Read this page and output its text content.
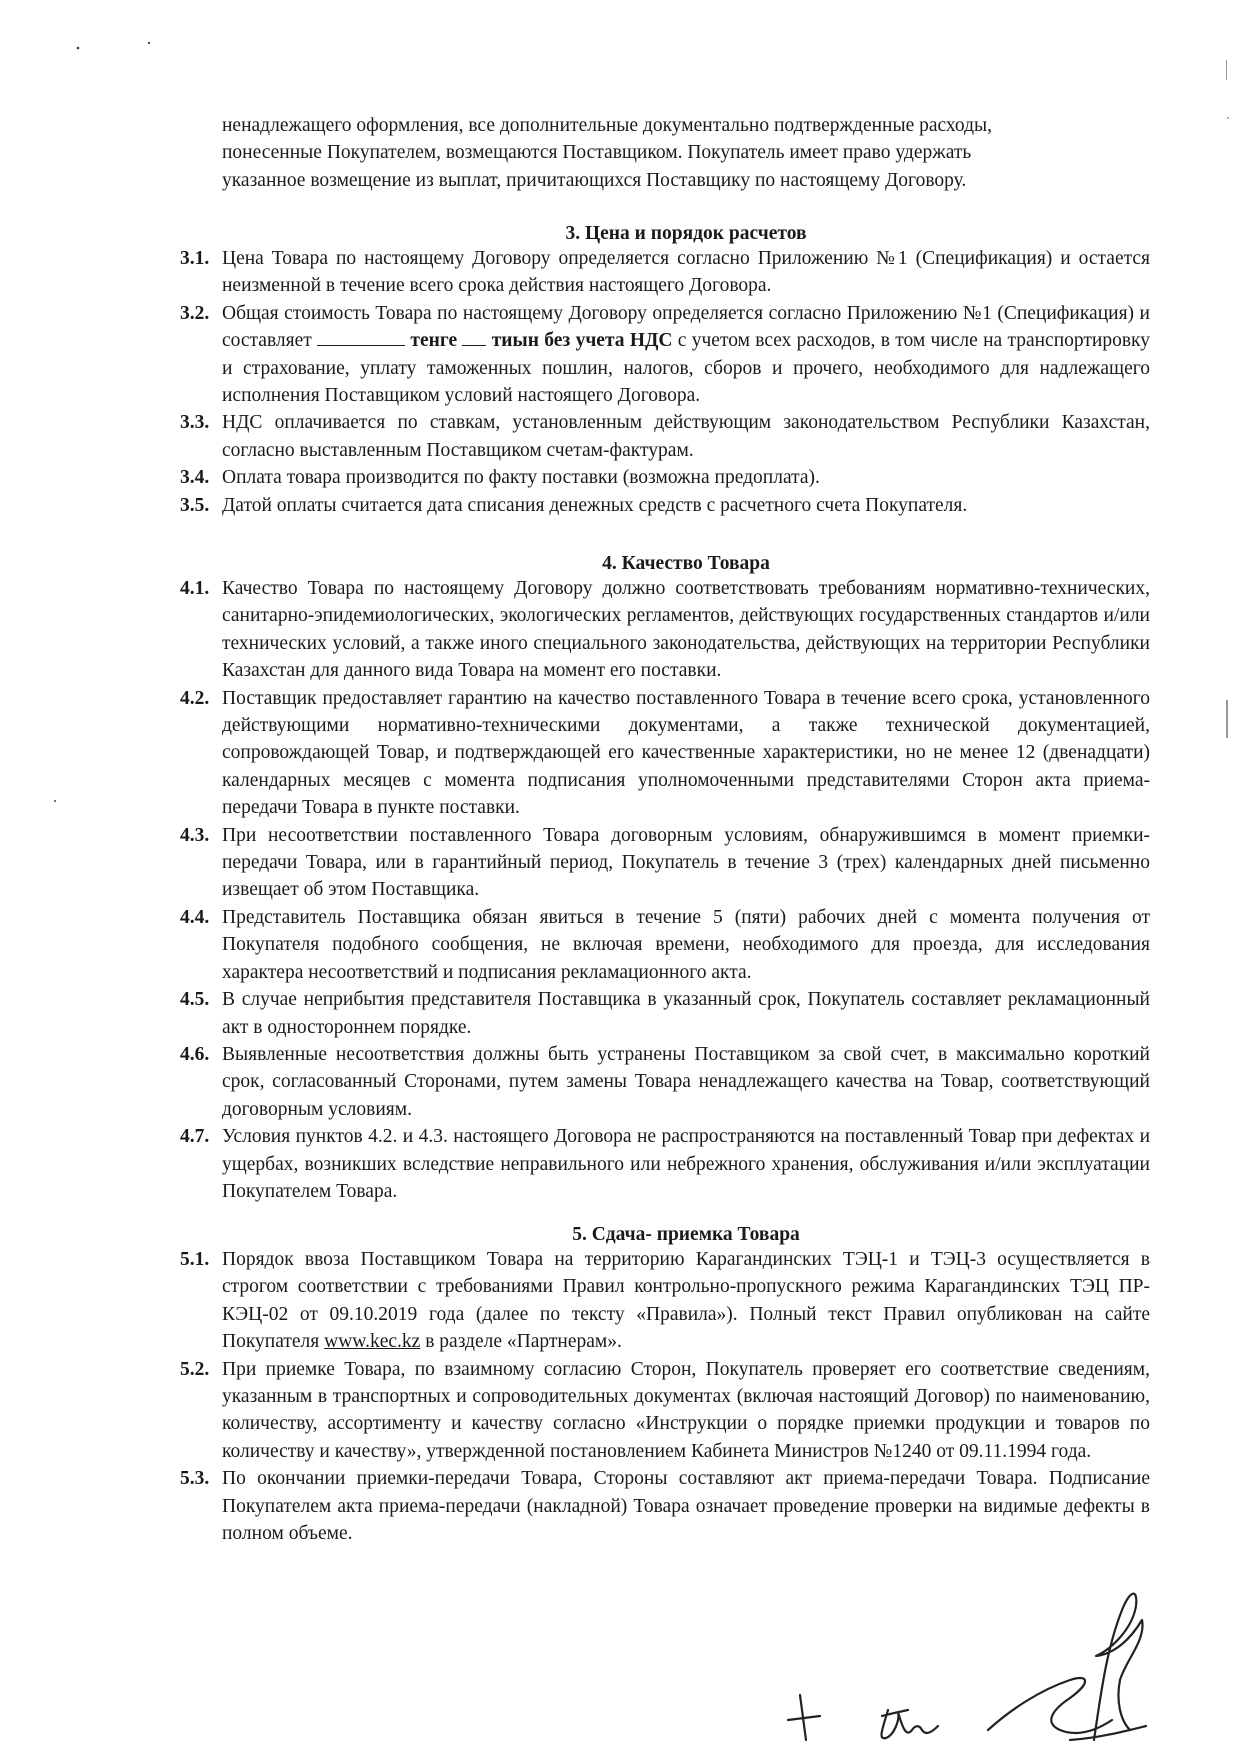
ненадлежащего оформления, все дополнительные документально подтвержденные расходы,
понесенные Покупателем, возмещаются Поставщиком. Покупатель имеет право удержать
указанное возмещение из выплат, причитающихся Поставщику по настоящему Договору.
3. Цена и порядок расчетов
3.1. Цена Товара по настоящему Договору определяется согласно Приложению №1 (Спецификация) и остается неизменной в течение всего срока действия настоящего Договора.
3.2. Общая стоимость Товара по настоящему Договору определяется согласно Приложению №1 (Спецификация) и составляет	тенге тиын без учета НДС с учетом всех расходов, в том числе на транспортировку и страхование, уплату таможенных пошлин, налогов, сборов и прочего, необходимого для надлежащего исполнения Поставщиком условий настоящего Договора.
3.3. НДС оплачивается по ставкам, установленным действующим законодательством Республики Казахстан, согласно выставленным Поставщиком счетам-фактурам.
3.4. Оплата товара производится по факту поставки (возможна предоплата).
3.5. Датой оплаты считается дата списания денежных средств с расчетного счета Покупателя.
4. Качество Товара
4.1. Качество Товара по настоящему Договору должно соответствовать требованиям нормативно-технических, санитарно-эпидемиологических, экологических регламентов, действующих государственных стандартов и/или технических условий, а также иного специального законодательства, действующих на территории Республики Казахстан для данного вида Товара на момент его поставки.
4.2. Поставщик предоставляет гарантию на качество поставленного Товара в течение всего срока, установленного действующими нормативно-техническими документами, а также технической документацией, сопровождающей Товар, и подтверждающей его качественные характеристики, но не менее 12 (двенадцати) календарных месяцев с момента подписания уполномоченными представителями Сторон акта приема-передачи Товара в пункте поставки.
4.3. При несоответствии поставленного Товара договорным условиям, обнаружившимся в момент приемки-передачи Товара, или в гарантийный период, Покупатель в течение 3 (трех) календарных дней письменно извещает об этом Поставщика.
4.4. Представитель Поставщика обязан явиться в течение 5 (пяти) рабочих дней с момента получения от Покупателя подобного сообщения, не включая времени, необходимого для проезда, для исследования характера несоответствий и подписания рекламационного акта.
4.5. В случае неприбытия представителя Поставщика в указанный срок, Покупатель составляет рекламационный акт в одностороннем порядке.
4.6. Выявленные несоответствия должны быть устранены Поставщиком за свой счет, в максимально короткий срок, согласованный Сторонами, путем замены Товара ненадлежащего качества на Товар, соответствующий договорным условиям.
4.7. Условия пунктов 4.2. и 4.3. настоящего Договора не распространяются на поставленный Товар при дефектах и ущербах, возникших вследствие неправильного или небрежного хранения, обслуживания и/или эксплуатации Покупателем Товара.
5. Сдача- приемка Товара
5.1. Порядок ввоза Поставщиком Товара на территорию Карагандинских ТЭЦ-1 и ТЭЦ-3 осуществляется в строгом соответствии с требованиями Правил контрольно-пропускного режима Карагандинских ТЭЦ ПР-КЭЦ-02 от 09.10.2019 года (далее по тексту «Правила»). Полный текст Правил опубликован на сайте Покупателя www.kec.kz в разделе «Партнерам».
5.2. При приемке Товара, по взаимному согласию Сторон, Покупатель проверяет его соответствие сведениям, указанным в транспортных и сопроводительных документах (включая настоящий Договор) по наименованию, количеству, ассортименту и качеству согласно «Инструкции о порядке приемки продукции и товаров по количеству и качеству», утвержденной постановлением Кабинета Министров №1240 от 09.11.1994 года.
5.3. По окончании приемки-передачи Товара, Стороны составляют акт приема-передачи Товара. Подписание Покупателем акта приема-передачи (накладной) Товара означает проведение проверки на видимые дефекты в полном объеме.
